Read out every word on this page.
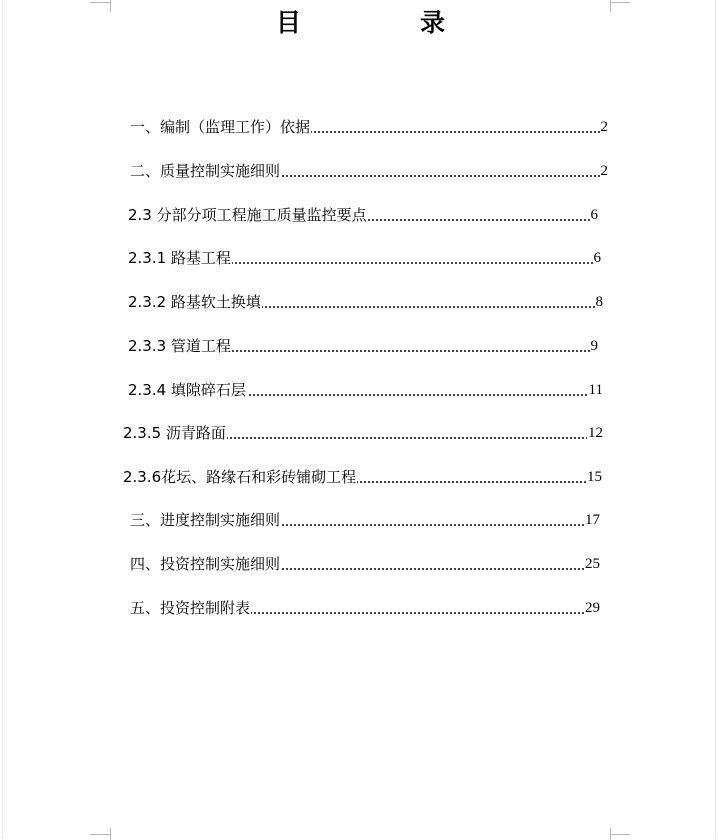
目	录
一、编制（监理工作）依据	2
二、质量控制实施细则	2
2.3 分部分项工程施工质量监控要点	6
2.3.1 路基工程	6
2.3.2 路基软土换填	8
2.3.3 管道工程	9
2.3.4 填隙碎石层	11
2.3.5 沥青路面	12
2.3.6花坛、路缘石和彩砖铺砌工程	15
三、进度控制实施细则	17
四、投资控制实施细则	25
五、投资控制附表	29
